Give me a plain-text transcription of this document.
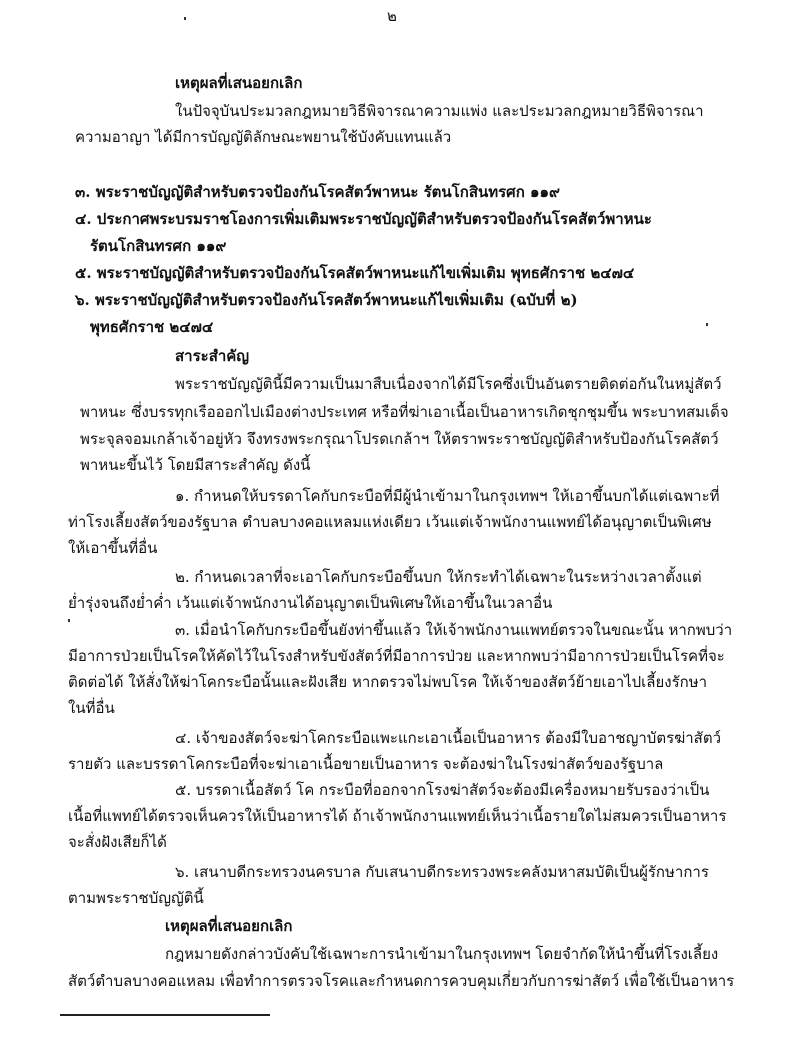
๒
เหตุผลที่เสนอยกเลิก
ในปัจจุบันประมวลกฎหมายวิธีพิจารณาความแพ่ง และประมวลกฎหมายวิธีพิจารณา
ความอาญา ได้มีการบัญญัติลักษณะพยานใช้บังคับแทนแล้ว
๓. พระราชบัญญัติสำหรับตรวจป้องกันโรคสัตว์พาหนะ รัตนโกสินทรศก ๑๑๙
๔. ประกาศพระบรมราชโองการเพิ่มเติมพระราชบัญญัติสำหรับตรวจป้องกันโรคสัตว์พาหนะ
รัตนโกสินทรศก ๑๑๙
๕. พระราชบัญญัติสำหรับตรวจป้องกันโรคสัตว์พาหนะแก้ไขเพิ่มเติม พุทธศักราช ๒๔๗๔
๖. พระราชบัญญัติสำหรับตรวจป้องกันโรคสัตว์พาหนะแก้ไขเพิ่มเติม (ฉบับที่ ๒)
พุทธศักราช ๒๔๗๔
สาระสำคัญ
พระราชบัญญัตินี้มีความเป็นมาสืบเนื่องจากได้มีโรคซึ่งเป็นอันตรายติดต่อกันในหมู่สัตว์
พาหนะ ซึ่งบรรทุกเรือออกไปเมืองต่างประเทศ หรือที่ฆ่าเอาเนื้อเป็นอาหารเกิดชุกชุมขึ้น พระบาทสมเด็จ
พระจุลจอมเกล้าเจ้าอยู่หัว จึงทรงพระกรุณาโปรดเกล้าฯ ให้ตราพระราชบัญญัติสำหรับป้องกันโรคสัตว์
พาหนะขึ้นไว้ โดยมีสาระสำคัญ ดังนี้
๑. กำหนดให้บรรดาโคกับกระบือที่มีผู้นำเข้ามาในกรุงเทพฯ ให้เอาขึ้นบกได้แต่เฉพาะที่
ท่าโรงเลี้ยงสัตว์ของรัฐบาล ตำบลบางคอแหลมแห่งเดียว เว้นแต่เจ้าพนักงานแพทย์ได้อนุญาตเป็นพิเศษ
ให้เอาขึ้นที่อื่น
๒. กำหนดเวลาที่จะเอาโคกับกระบือขึ้นบก ให้กระทำได้เฉพาะในระหว่างเวลาตั้งแต่
ย่ำรุ่งจนถึงย่ำค่ำ เว้นแต่เจ้าพนักงานได้อนุญาตเป็นพิเศษให้เอาขึ้นในเวลาอื่น
๓. เมื่อนำโคกับกระบือขึ้นยังท่าขึ้นแล้ว ให้เจ้าพนักงานแพทย์ตรวจในขณะนั้น หากพบว่า
มีอาการป่วยเป็นโรคให้คัดไว้ในโรงสำหรับขังสัตว์ที่มีอาการป่วย และหากพบว่ามีอาการป่วยเป็นโรคที่จะ
ติดต่อได้ ให้สั่งให้ฆ่าโคกระบือนั้นและฝังเสีย หากตรวจไม่พบโรค ให้เจ้าของสัตว์ย้ายเอาไปเลี้ยงรักษา
ในที่อื่น
๔. เจ้าของสัตว์จะฆ่าโคกระบือแพะแกะเอาเนื้อเป็นอาหาร ต้องมีใบอาชญาบัตรฆ่าสัตว์
รายตัว และบรรดาโคกระบือที่จะฆ่าเอาเนื้อขายเป็นอาหาร จะต้องฆ่าในโรงฆ่าสัตว์ของรัฐบาล
๕. บรรดาเนื้อสัตว์ โค กระบือที่ออกจากโรงฆ่าสัตว์จะต้องมีเครื่องหมายรับรองว่าเป็น
เนื้อที่แพทย์ได้ตรวจเห็นควรให้เป็นอาหารได้ ถ้าเจ้าพนักงานแพทย์เห็นว่าเนื้อรายใดไม่สมควรเป็นอาหาร
จะสั่งฝังเสียก็ได้
๖. เสนาบดีกระทรวงนครบาล กับเสนาบดีกระทรวงพระคลังมหาสมบัติเป็นผู้รักษาการ
ตามพระราชบัญญัตินี้
เหตุผลที่เสนอยกเลิก
กฎหมายดังกล่าวบังคับใช้เฉพาะการนำเข้ามาในกรุงเทพฯ โดยจำกัดให้นำขึ้นที่โรงเลี้ยง
สัตว์ตำบลบางคอแหลม เพื่อทำการตรวจโรคและกำหนดการควบคุมเกี่ยวกับการฆ่าสัตว์ เพื่อใช้เป็นอาหาร
